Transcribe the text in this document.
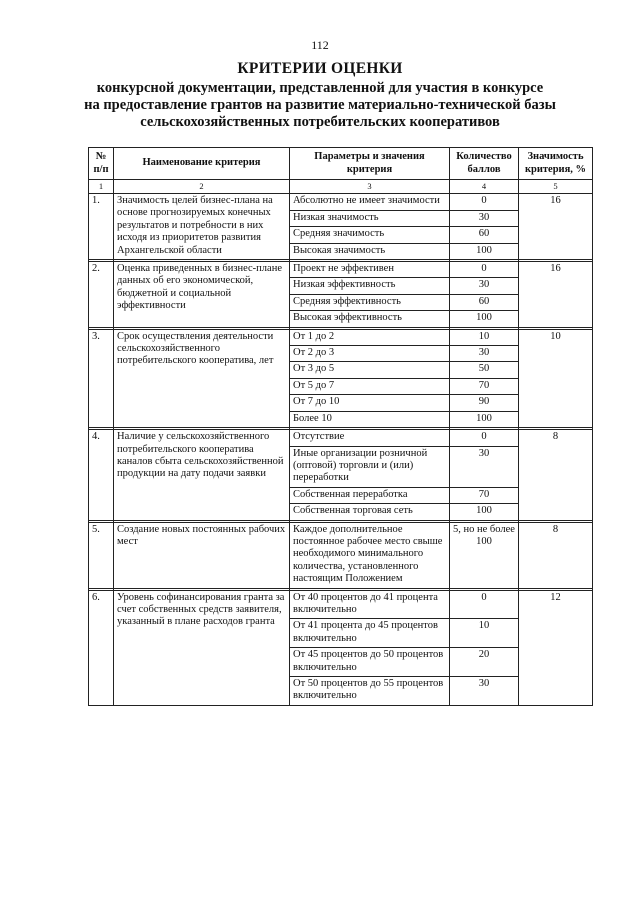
112
КРИТЕРИИ ОЦЕНКИ
конкурсной документации, представленной для участия в конкурсе
на предоставление грантов на развитие материально-технической базы
сельскохозяйственных потребительских кооперативов
№ п/п	Наименование критерия	Параметры и значения критерия	Количество баллов	Значимость критерия, %
1	2	3	4	5
1.	Значимость целей бизнес-плана на основе прогнозируемых конечных результатов и потребности в них исходя из приоритетов развития Архангельской области	Абсолютно не имеет значимости	0	16
		Низкая значимость	30	
		Средняя значимость	60	
		Высокая значимость	100	

2.	Оценка приведенных в бизнес-плане данных об его экономической, бюджетной и социальной эффективности	Проект не эффективен	0	16
		Низкая эффективность	30	
		Средняя эффективность	60	
		Высокая эффективность	100	

3.	Срок осуществления деятельности сельскохозяйственного потребительского кооператива, лет	От 1 до 2	10	10
		От 2 до 3	30	
		От 3 до 5	50	
		От 5 до 7	70	
		От 7 до 10	90	
		Более 10	100	

4.	Наличие у сельскохозяйственного потребительского кооператива каналов сбыта сельскохозяйственной продукции на дату подачи заявки	Отсутствие	0	8
		Иные организации розничной (оптовой) торговли и (или) переработки	30	
		Собственная переработка	70	
		Собственная торговая сеть	100	

5.	Создание новых постоянных рабочих мест	Каждое дополнительное постоянное рабочее место свыше необходимого минимального количества, установленного настоящим Положением	5, но не более 100	8

6.	Уровень софинансирования гранта за счет собственных средств заявителя, указанный в плане расходов гранта	От 40 процентов до 41 процента включительно	0	12
		От 41 процента до 45 процентов включительно	10	
		От 45 процентов до 50 процентов включительно	20	
		От 50 процентов до 55 процентов включительно	30	
